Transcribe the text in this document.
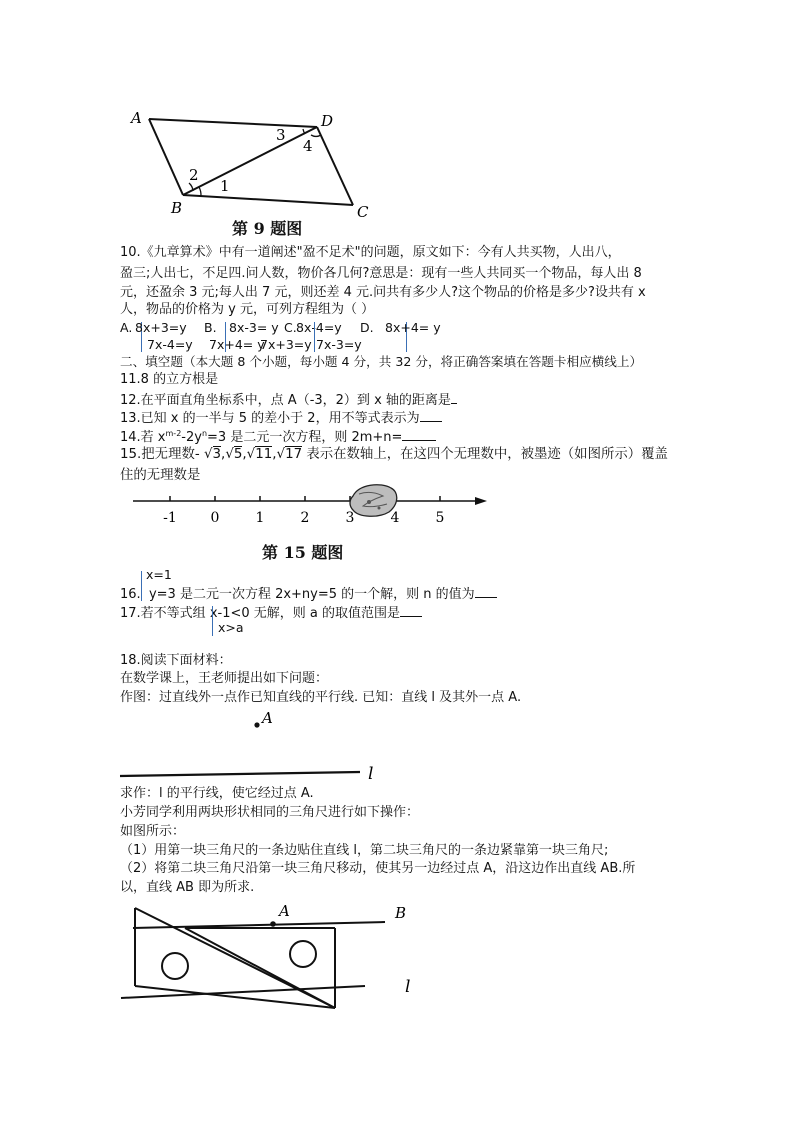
A	D
B	C
1
2
3
4
第 9 题图
10.《九章算术》中有一道阐述"盈不足术"的问题，原文如下：今有人共买物，人出八，
盈三;人出七，不足四.问人数，物价各几何?意思是：现有一些人共同买一个物品，每人出 8
元，还盈余 3 元;每人出 7 元，则还差 4 元.问共有多少人?这个物品的价格是多少?设共有 x
人，物品的价格为 y 元，可列方程组为（ ）
A. 8x+3=y
7x-4=y
B. 8x-3= y
7x+4= y
C. 8x-4=y
7x+3=y
D. 8x+4= y
7x-3=y
二、填空题（本大题 8 个小题，每小题 4 分，共 32 分，将正确答案填在答题卡相应横线上）
11.8 的立方根是
12.在平面直角坐标系中，点 A（-3，2）到 x 轴的距离是
13.已知 x 的一半与 5 的差小于 2，用不等式表示为
14.若 $x^{m-2}-2y^n=3$ 是二元一次方程，则 2m+n=
15.把无理数- √3,√5,√11,√17 表示在数轴上，在这四个无理数中，被墨迹（如图所示）覆盖
住的无理数是
-1 0	1	2	3	4	5
第 15 题图
x=1
16. y=3 是二元一次方程 2x+ny=5 的一个解，则 n 的值为
17.若不等式组 x-1<0 无解，则 a 的取值范围是
x>a
18.阅读下面材料：
在数学课上，王老师提出如下问题：
作图：过直线外一点作已知直线的平行线. 已知：直线 l 及其外一点 A.
A
l
求作：l 的平行线，使它经过点 A.
小芳同学利用两块形状相同的三角尺进行如下操作：
如图所示：
（1）用第一块三角尺的一条边贴住直线 l，第二块三角尺的一条边紧靠第一块三角尺;
（2）将第二块三角尺沿第一块三角尺移动，使其另一边经过点 A，沿这边作出直线 AB.所
以，直线 AB 即为所求.
A	B
l
